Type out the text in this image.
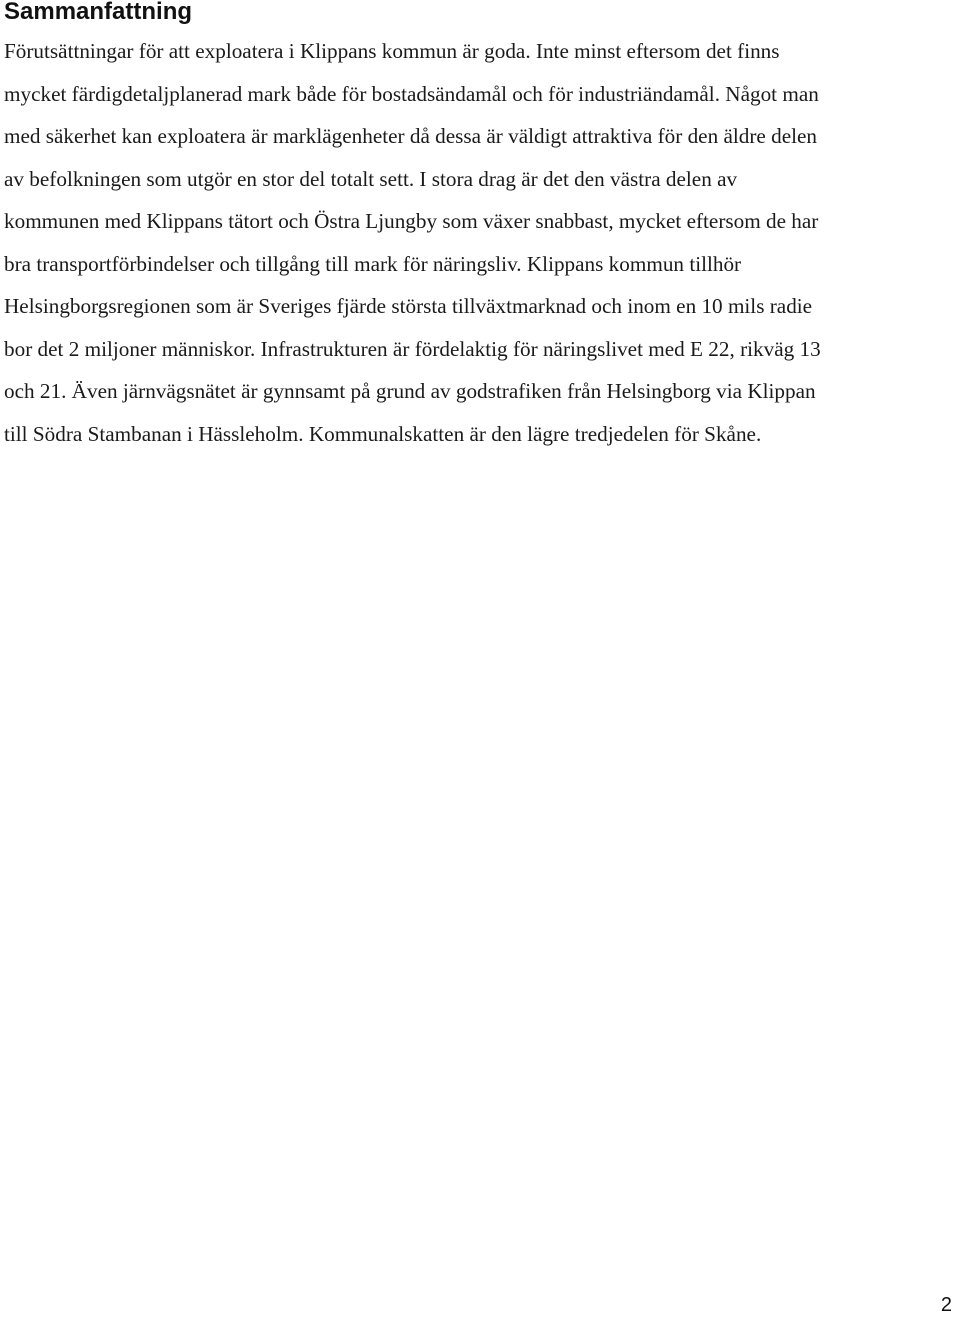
Sammanfattning

Förutsättningar för att exploatera i Klippans kommun är goda. Inte minst eftersom det finns
mycket färdigdetaljplanerad mark både för bostadsändamål och för industriändamål. Något man
med säkerhet kan exploatera är marklägenheter då dessa är väldigt attraktiva för den äldre delen
av befolkningen som utgör en stor del totalt sett. I stora drag är det den västra delen av
kommunen med Klippans tätort och Östra Ljungby som växer snabbast, mycket eftersom de har
bra transportförbindelser och tillgång till mark för näringsliv. Klippans kommun tillhör
Helsingborgsregionen som är Sveriges fjärde största tillväxtmarknad och inom en 10 mils radie
bor det 2 miljoner människor. Infrastrukturen är fördelaktig för näringslivet med E 22, rikväg 13
och 21. Även järnvägsnätet är gynnsamt på grund av godstrafiken från Helsingborg via Klippan
till Södra Stambanan i Hässleholm. Kommunalskatten är den lägre tredjedelen för Skåne.

2
